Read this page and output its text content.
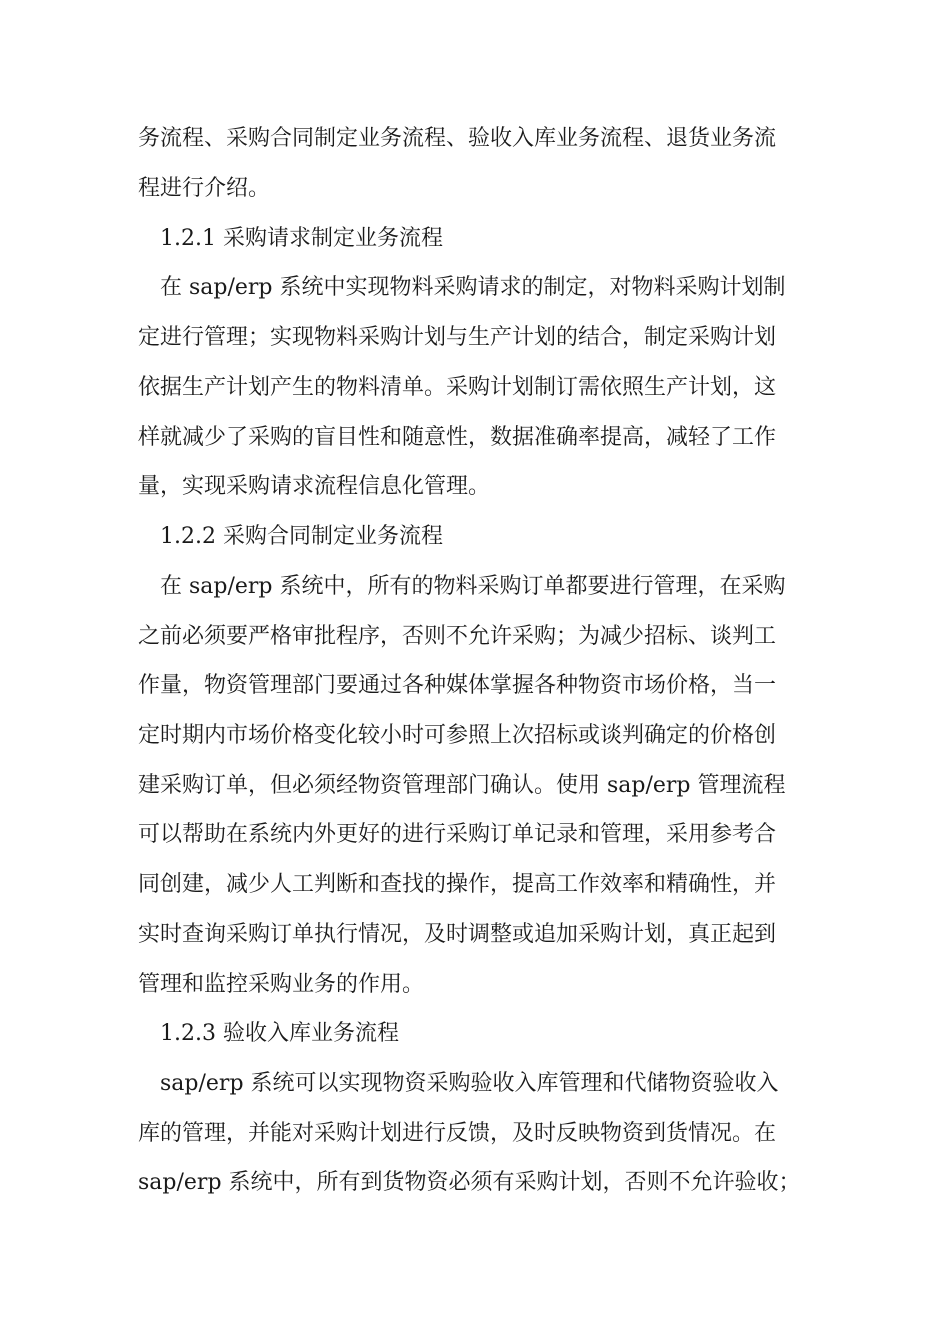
务流程、采购合同制定业务流程、验收入库业务流程、退货业务流
程进行介绍。
1.2.1 采购请求制定业务流程
在 sap/erp 系统中实现物料采购请求的制定，对物料采购计划制
定进行管理；实现物料采购计划与生产计划的结合，制定采购计划
依据生产计划产生的物料清单。采购计划制订需依照生产计划，这
样就减少了采购的盲目性和随意性，数据准确率提高，减轻了工作
量，实现采购请求流程信息化管理。
1.2.2 采购合同制定业务流程
在 sap/erp 系统中，所有的物料采购订单都要进行管理，在采购
之前必须要严格审批程序，否则不允许采购；为减少招标、谈判工
作量，物资管理部门要通过各种媒体掌握各种物资市场价格，当一
定时期内市场价格变化较小时可参照上次招标或谈判确定的价格创
建采购订单，但必须经物资管理部门确认。使用 sap/erp 管理流程
可以帮助在系统内外更好的进行采购订单记录和管理，采用参考合
同创建，减少人工判断和查找的操作，提高工作效率和精确性，并
实时查询采购订单执行情况，及时调整或追加采购计划，真正起到
管理和监控采购业务的作用。
1.2.3 验收入库业务流程
sap/erp 系统可以实现物资采购验收入库管理和代储物资验收入
库的管理，并能对采购计划进行反馈，及时反映物资到货情况。在
sap/erp 系统中，所有到货物资必须有采购计划，否则不允许验收；
